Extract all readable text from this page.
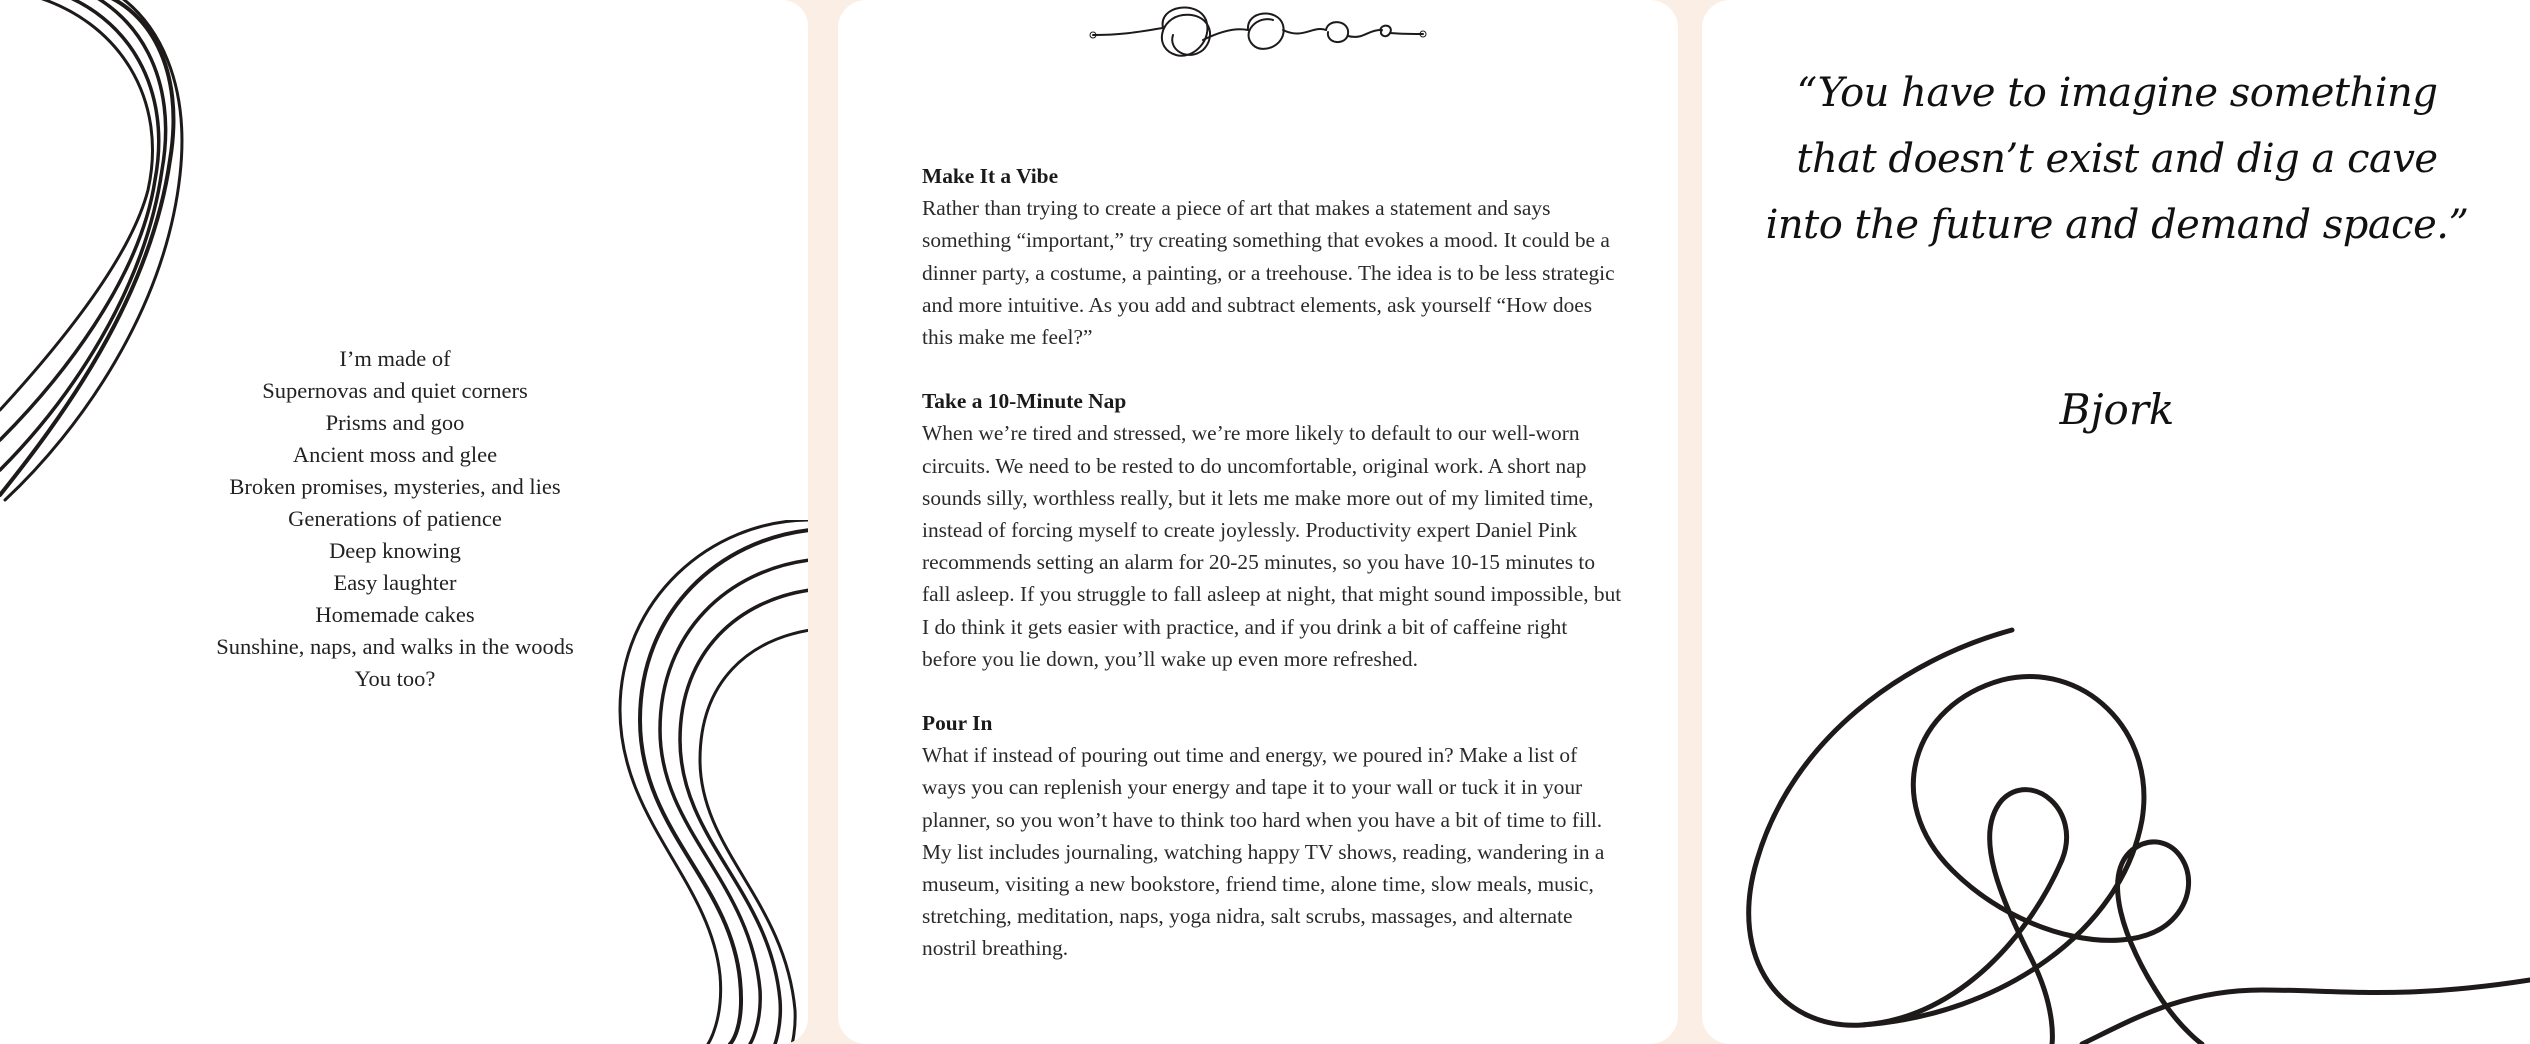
I’m made of
Supernovas and quiet corners
Prisms and goo
Ancient moss and glee
Broken promises, mysteries, and lies
Generations of patience
Deep knowing
Easy laughter
Homemade cakes
Sunshine, naps, and walks in the woods
You too?
Make It a Vibe

Rather than trying to create a piece of art that makes a statement and says something “important,” try creating something that evokes a mood. It could be a dinner party, a costume, a painting, or a treehouse. The idea is to be less strategic and more intuitive. As you add and subtract elements, ask yourself “How does this make me feel?”

Take a 10-Minute Nap

When we’re tired and stressed, we’re more likely to default to our well-worn circuits. We need to be rested to do uncomfortable, original work. A short nap sounds silly, worthless really, but it lets me make more out of my limited time, instead of forcing myself to create joylessly. Productivity expert Daniel Pink recommends setting an alarm for 20-25 minutes, so you have 10-15 minutes to fall asleep. If you struggle to fall asleep at night, that might sound impossible, but I do think it gets easier with practice, and if you drink a bit of caffeine right before you lie down, you’ll wake up even more refreshed.

Pour In

What if instead of pouring out time and energy, we poured in? Make a list of ways you can replenish your energy and tape it to your wall or tuck it in your planner, so you won’t have to think too hard when you have a bit of time to fill. My list includes journaling, watching happy TV shows, reading, wandering in a museum, visiting a new bookstore, friend time, alone time, slow meals, music, stretching, meditation, naps, yoga nidra, salt scrubs, massages, and alternate nostril breathing.

“You have to imagine something that doesn’t exist and dig a cave into the future and demand space.”
Bjork
